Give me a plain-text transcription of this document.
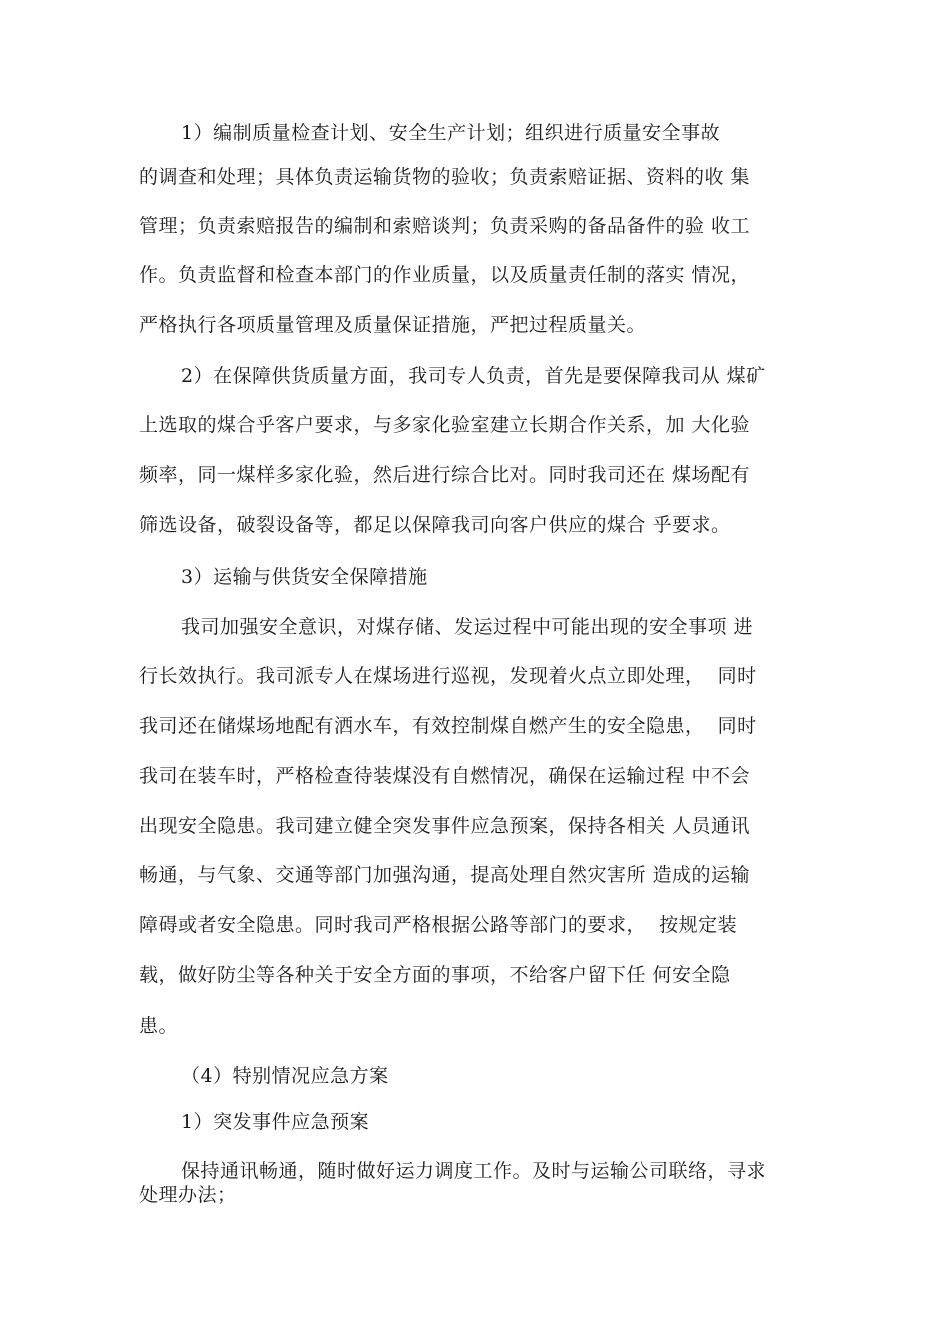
1）编制质量检查计划、安全生产计划；组织进行质量安全事故
的调查和处理；具体负责运输货物的验收；负责索赔证据、资料的收 集
管理；负责索赔报告的编制和索赔谈判；负责采购的备品备件的验 收工
作。负责监督和检查本部门的作业质量，以及质量责任制的落实 情况，
严格执行各项质量管理及质量保证措施，严把过程质量关。
2）在保障供货质量方面，我司专人负责，首先是要保障我司从 煤矿
上选取的煤合乎客户要求，与多家化验室建立长期合作关系，加 大化验
频率，同一煤样多家化验，然后进行综合比对。同时我司还在 煤场配有
筛选设备，破裂设备等，都足以保障我司向客户供应的煤合 乎要求。
3）运输与供货安全保障措施
我司加强安全意识，对煤存储、发运过程中可能出现的安全事项 进
行长效执行。我司派专人在煤场进行巡视，发现着火点立即处理，  同时
我司还在储煤场地配有洒水车，有效控制煤自燃产生的安全隐患，  同时
我司在装车时，严格检查待装煤没有自燃情况，确保在运输过程 中不会
出现安全隐患。我司建立健全突发事件应急预案，保持各相关 人员通讯
畅通，与气象、交通等部门加强沟通，提高处理自然灾害所 造成的运输
障碍或者安全隐患。同时我司严格根据公路等部门的要求，  按规定装
载，做好防尘等各种关于安全方面的事项，不给客户留下任 何安全隐
患。
（4）特别情况应急方案
1）突发事件应急预案
保持通讯畅通，随时做好运力调度工作。及时与运输公司联络，寻求
处理办法；
